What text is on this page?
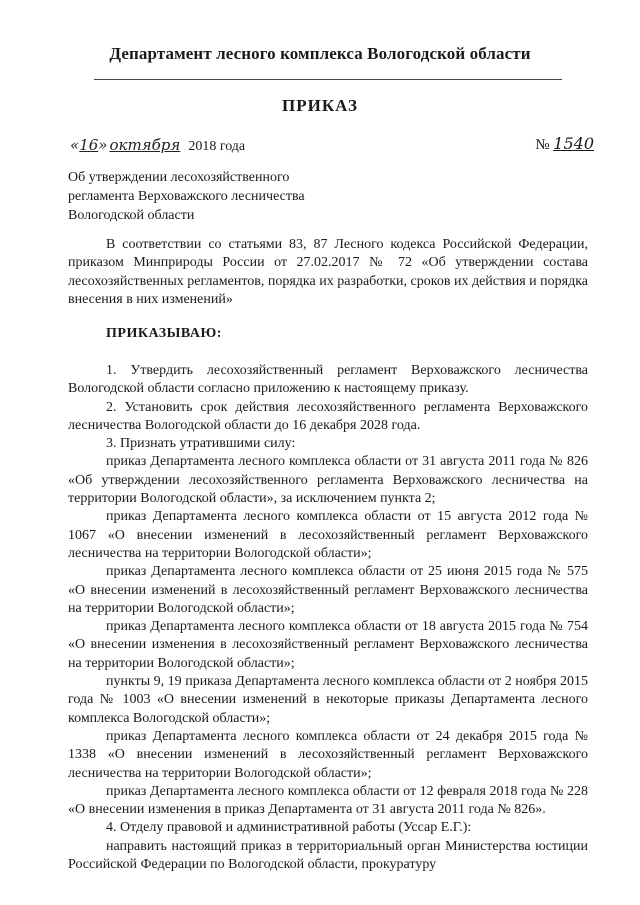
Департамент лесного комплекса Вологодской области
ПРИКАЗ
«16» октября 2018 года	№ 1540
Об утверждении лесохозяйственного регламента Верховажского лесничества Вологодской области

В соответствии со статьями 83, 87 Лесного кодекса Российской Федерации, приказом Минприроды России от 27.02.2017 № 72 «Об утверждении состава лесохозяйственных регламентов, порядка их разработки, сроков их действия и порядка внесения в них изменений»

ПРИКАЗЫВАЮ:

1. Утвердить лесохозяйственный регламент Верховажского лесничества Вологодской области согласно приложению к настоящему приказу.

2. Установить срок действия лесохозяйственного регламента Верховажского лесничества Вологодской области до 16 декабря 2028 года.

3. Признать утратившими силу:

приказ Департамента лесного комплекса области от 31 августа 2011 года № 826 «Об утверждении лесохозяйственного регламента Верховажского лесничества на территории Вологодской области», за исключением пункта 2;

приказ Департамента лесного комплекса области от 15 августа 2012 года № 1067 «О внесении изменений в лесохозяйственный регламент Верховажского лесничества на территории Вологодской области»;

приказ Департамента лесного комплекса области от 25 июня 2015 года № 575 «О внесении изменений в лесохозяйственный регламент Верховажского лесничества на территории Вологодской области»;

приказ Департамента лесного комплекса области от 18 августа 2015 года № 754 «О внесении изменения в лесохозяйственный регламент Верховажского лесничества на территории Вологодской области»;

пункты 9, 19 приказа Департамента лесного комплекса области от 2 ноября 2015 года № 1003 «О внесении изменений в некоторые приказы Департамента лесного комплекса Вологодской области»;

приказ Департамента лесного комплекса области от 24 декабря 2015 года № 1338 «О внесении изменений в лесохозяйственный регламент Верховажского лесничества на территории Вологодской области»;

приказ Департамента лесного комплекса области от 12 февраля 2018 года № 228 «О внесении изменения в приказ Департамента от 31 августа 2011 года № 826».

4. Отделу правовой и административной работы (Уссар Е.Г.):

направить настоящий приказ в территориальный орган Министерства юстиции Российской Федерации по Вологодской области, прокуратуру
